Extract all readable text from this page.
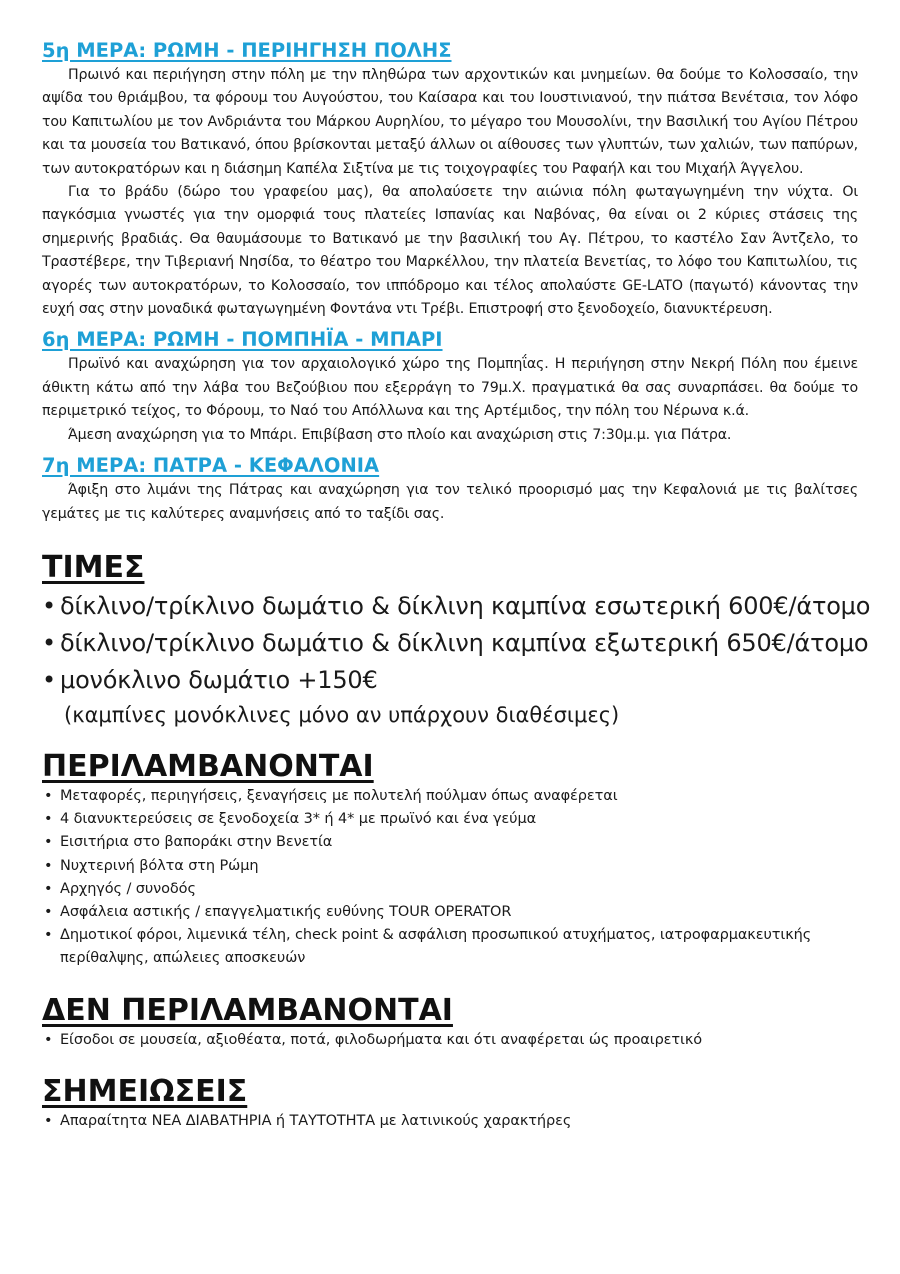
5η ΜΕΡΑ: ΡΩΜΗ - ΠΕΡΙΗΓΗΣΗ ΠΟΛΗΣ

Πρωινό και περιήγηση στην πόλη με την πληθώρα των αρχοντικών και μνημείων. θα δούμε το Κολοσσαίο, την αψίδα του θριάμβου, τα φόρουμ του Αυγούστου, του Καίσαρα και του Ιουστινιανού, την πιάτσα Βενέτσια, τον λόφο του Καπιτωλίου με τον Ανδριάντα του Μάρκου Αυρηλίου, το μέγαρο του Μουσολίνι, την Βασιλική του Αγίου Πέτρου και τα μουσεία του Βατικανό, όπου βρίσκονται μεταξύ άλλων οι αίθουσες των γλυπτών, των χαλιών, των παπύρων, των αυτοκρατόρων και η διάσημη Καπέλα Σιξτίνα με τις τοιχογραφίες του Ραφαήλ και του Μιχαήλ Άγγελου.

Για το βράδυ (δώρο του γραφείου μας), θα απολαύσετε την αιώνια πόλη φωταγωγημένη την νύχτα. Οι παγκόσμια γνωστές για την ομορφιά τους πλατείες Ισπανίας και Ναβόνας, θα είναι οι 2 κύριες στάσεις της σημερινής βραδιάς. Θα θαυμάσουμε το Βατικανό με την βασιλική του Αγ. Πέτρου, το καστέλο Σαν Άντζελο, το Τραστέβερε, την Τιβεριανή Νησίδα, το θέατρο του Μαρκέλλου, την πλατεία Βενετίας, το λόφο του Καπιτωλίου, τις αγορές των αυτοκρατόρων, το Κολοσσαίο, τον ιππόδρομο και τέλος απολαύστε GE-LATO (παγωτό) κάνοντας την ευχή σας στην μοναδικά φωταγωγημένη Φοντάνα ντι Τρέβι. Επιστροφή στο ξενοδοχείο, διανυκτέρευση.

6η ΜΕΡΑ: ΡΩΜΗ - ΠΟΜΠΗΪΑ - ΜΠΑΡΙ

Πρωϊνό και αναχώρηση για τον αρχαιολογικό χώρο της Πομπηΐας. Η περιήγηση στην Νεκρή Πόλη που έμεινε άθικτη κάτω από την λάβα του Βεζούβιου που εξερράγη το 79μ.Χ. πραγματικά θα σας συναρπάσει. θα δούμε το περιμετρικό τείχος, το Φόρουμ, το Ναό του Απόλλωνα και της Αρτέμιδος, την πόλη του Νέρωνα κ.ά.

Άμεση αναχώρηση για το Μπάρι. Επιβίβαση στο πλοίο και αναχώριση στις 7:30μ.μ. για Πάτρα.

7η ΜΕΡΑ: ΠΑΤΡΑ - ΚΕΦΑΛΟΝΙΑ

Άφιξη στο λιμάνι της Πάτρας και αναχώρηση για τον τελικό προορισμό μας την Κεφαλονιά με τις βαλίτσες γεμάτες με τις καλύτερες αναμνήσεις από το ταξίδι σας.

ΤΙΜΕΣ
• δίκλινο/τρίκλινο δωμάτιο & δίκλινη καμπίνα εσωτερική 600€/άτομο
• δίκλινο/τρίκλινο δωμάτιο & δίκλινη καμπίνα εξωτερική 650€/άτομο
• μονόκλινο δωμάτιο +150€
(καμπίνες μονόκλινες μόνο αν υπάρχουν διαθέσιμες)
ΠΕΡΙΛΑΜΒΑΝΟΝΤΑΙ
• Μεταφορές, περιηγήσεις, ξεναγήσεις με πολυτελή πούλμαν όπως αναφέρεται
• 4 διανυκτερεύσεις σε ξενοδοχεία 3* ή 4* με πρωϊνό και ένα γεύμα
• Εισιτήρια στο βαποράκι στην Βενετία
• Νυχτερινή βόλτα στη Ρώμη
• Αρχηγός / συνοδός
• Ασφάλεια αστικής / επαγγελματικής ευθύνης TOUR OPERATOR
• Δημοτικοί φόροι, λιμενικά τέλη, check point & ασφάλιση προσωπικού ατυχήματος, ιατροφαρμακευτικής περίθαλψης, απώλειες αποσκευών
ΔΕΝ ΠΕΡΙΛΑΜΒΑΝΟΝΤΑΙ
• Είσοδοι σε μουσεία, αξιοθέατα, ποτά, φιλοδωρήματα και ότι αναφέρεται ώς προαιρετικό
ΣΗΜΕΙΩΣΕΙΣ
• Απαραίτητα ΝΕΑ ΔΙΑΒΑΤΗΡΙΑ ή ΤΑΥΤΟΤΗΤΑ με λατινικούς χαρακτήρες
